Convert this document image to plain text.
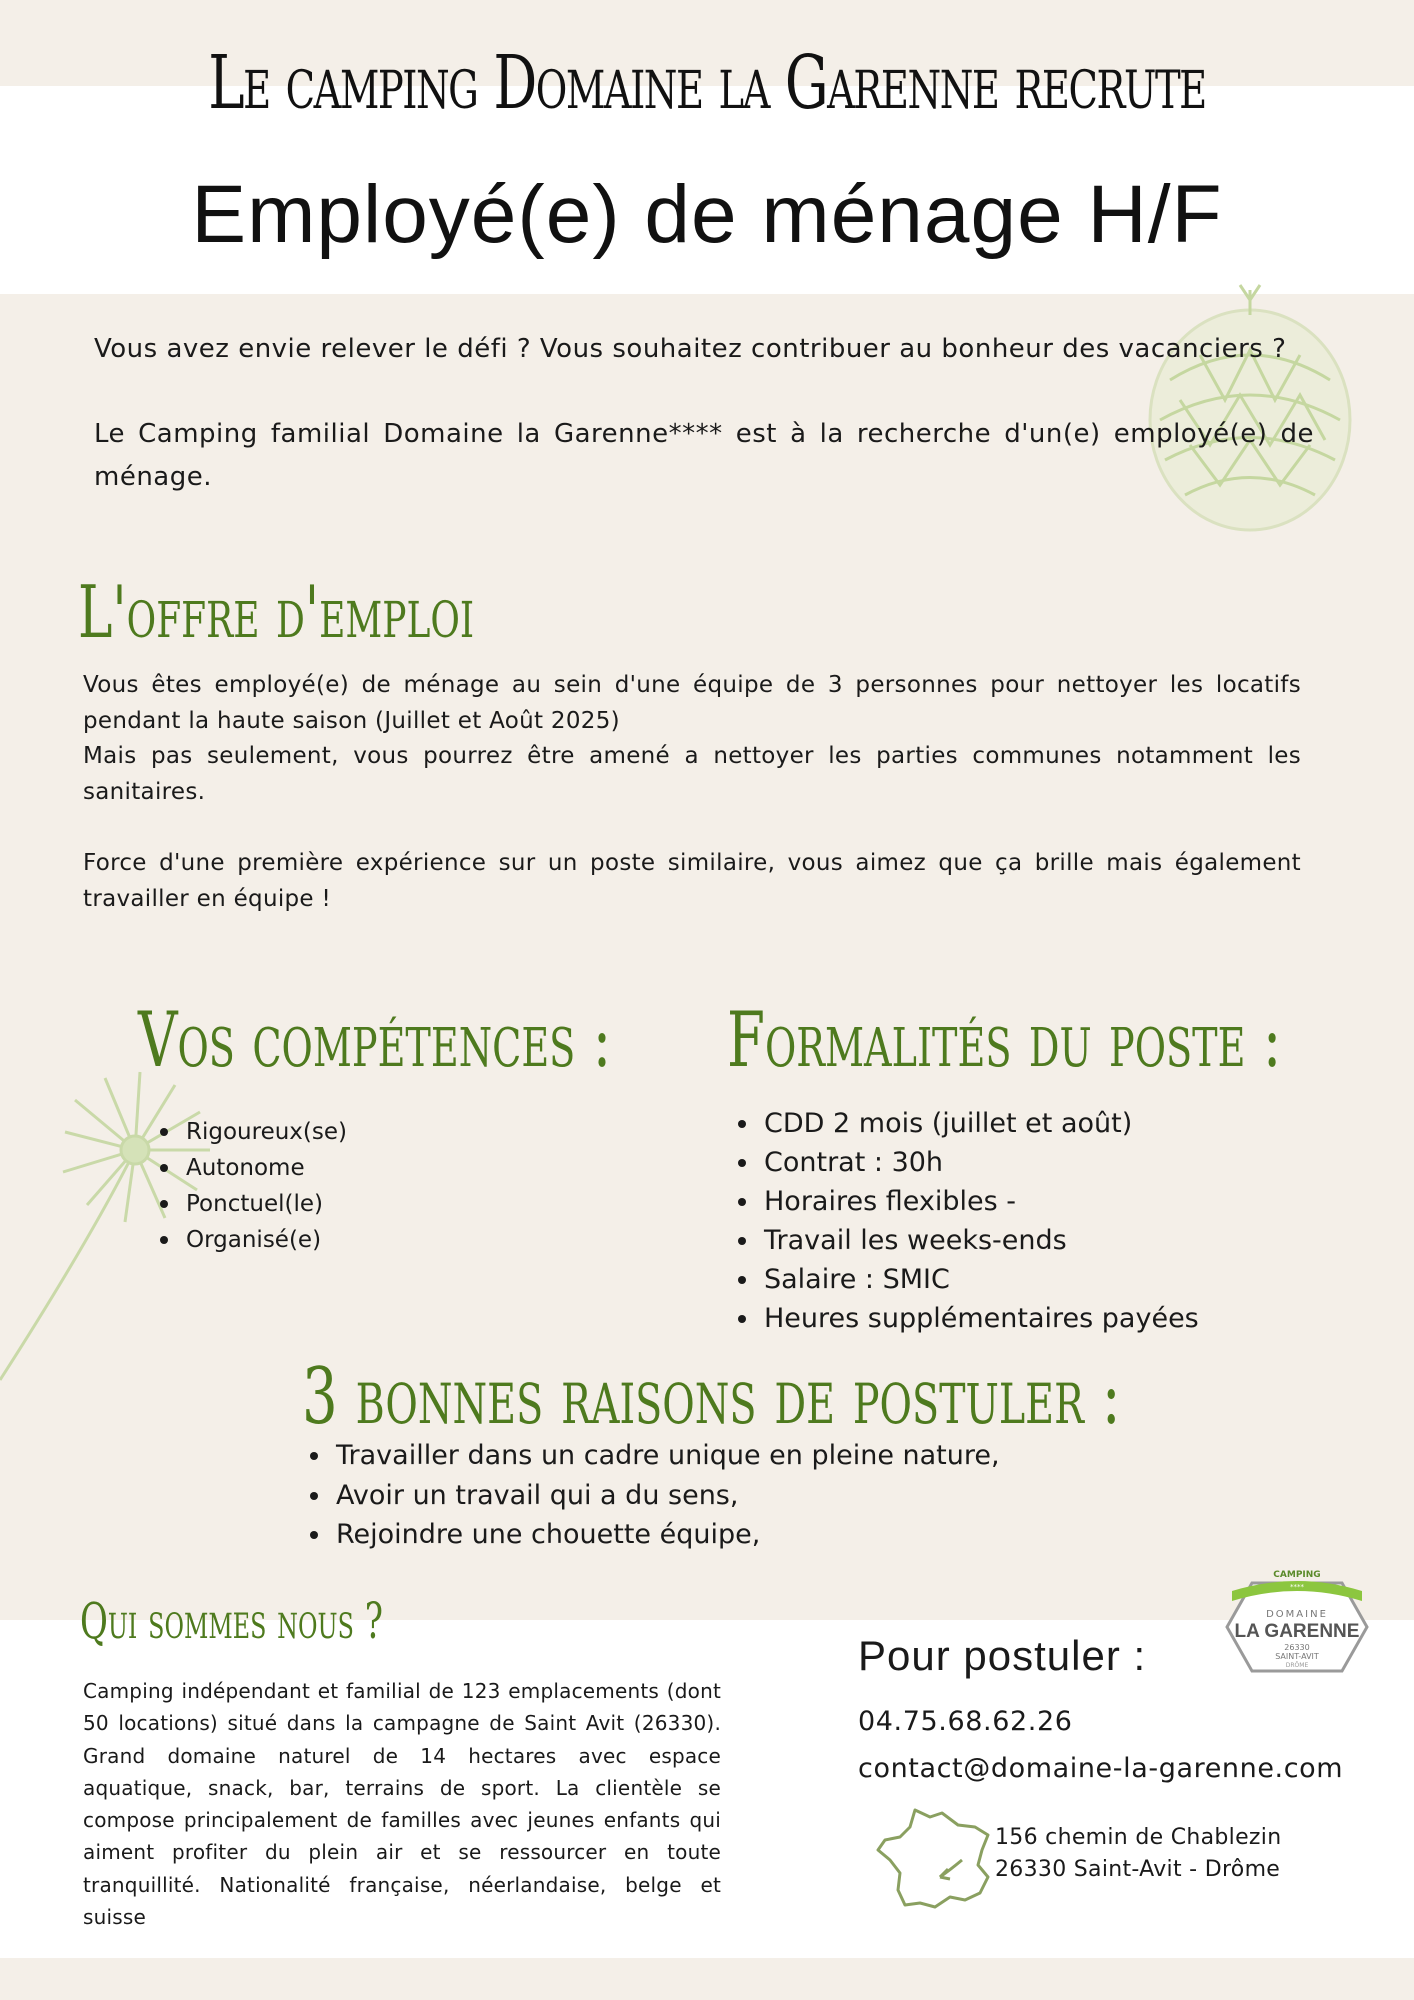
Le camping Domaine la Garenne recrute
Employé(e) de ménage H/F

Vous avez envie relever le défi ? Vous souhaitez contribuer au bonheur des vacanciers ?

Le Camping familial Domaine la Garenne**** est à la recherche d'un(e) employé(e) de ménage.

L'offre d'emploi

Vous êtes employé(e) de ménage au sein d'une équipe de 3 personnes pour nettoyer les locatifs pendant la haute saison (Juillet et Août 2025)

Mais pas seulement, vous pourrez être amené a nettoyer les parties communes notamment les sanitaires.

Force d'une première expérience sur un poste similaire, vous aimez que ça brille mais également travailler en équipe !

Vos compétences :
Rigoureux(se)
Autonome
Ponctuel(le)
Organisé(e)
Formalités du poste :
CDD 2 mois (juillet et août)
Contrat : 30h
Horaires flexibles -
Travail les weeks-ends
Salaire : SMIC
Heures supplémentaires payées
3 bonnes raisons de postuler :
Travailler dans un cadre unique en pleine nature,
Avoir un travail qui a du sens,
Rejoindre une chouette équipe,
Qui sommes nous ?
Camping indépendant et familial de 123 emplacements (dont 50 locations) situé dans la campagne de Saint Avit (26330). Grand domaine naturel de 14 hectares avec espace aquatique, snack, bar, terrains de sport. La clientèle se compose principalement de familles avec jeunes enfants qui aiment profiter du plein air et se ressourcer en toute tranquillité. Nationalité française, néerlandaise, belge et suisse
Pour postuler :
04.75.68.62.26
contact@domaine-la-garenne.com
156 chemin de Chablezin
26330 Saint-Avit - Drôme
CAMPING
****
DOMAINE
LA GARENNE
26330
SAINT-AVIT
DRÔME
